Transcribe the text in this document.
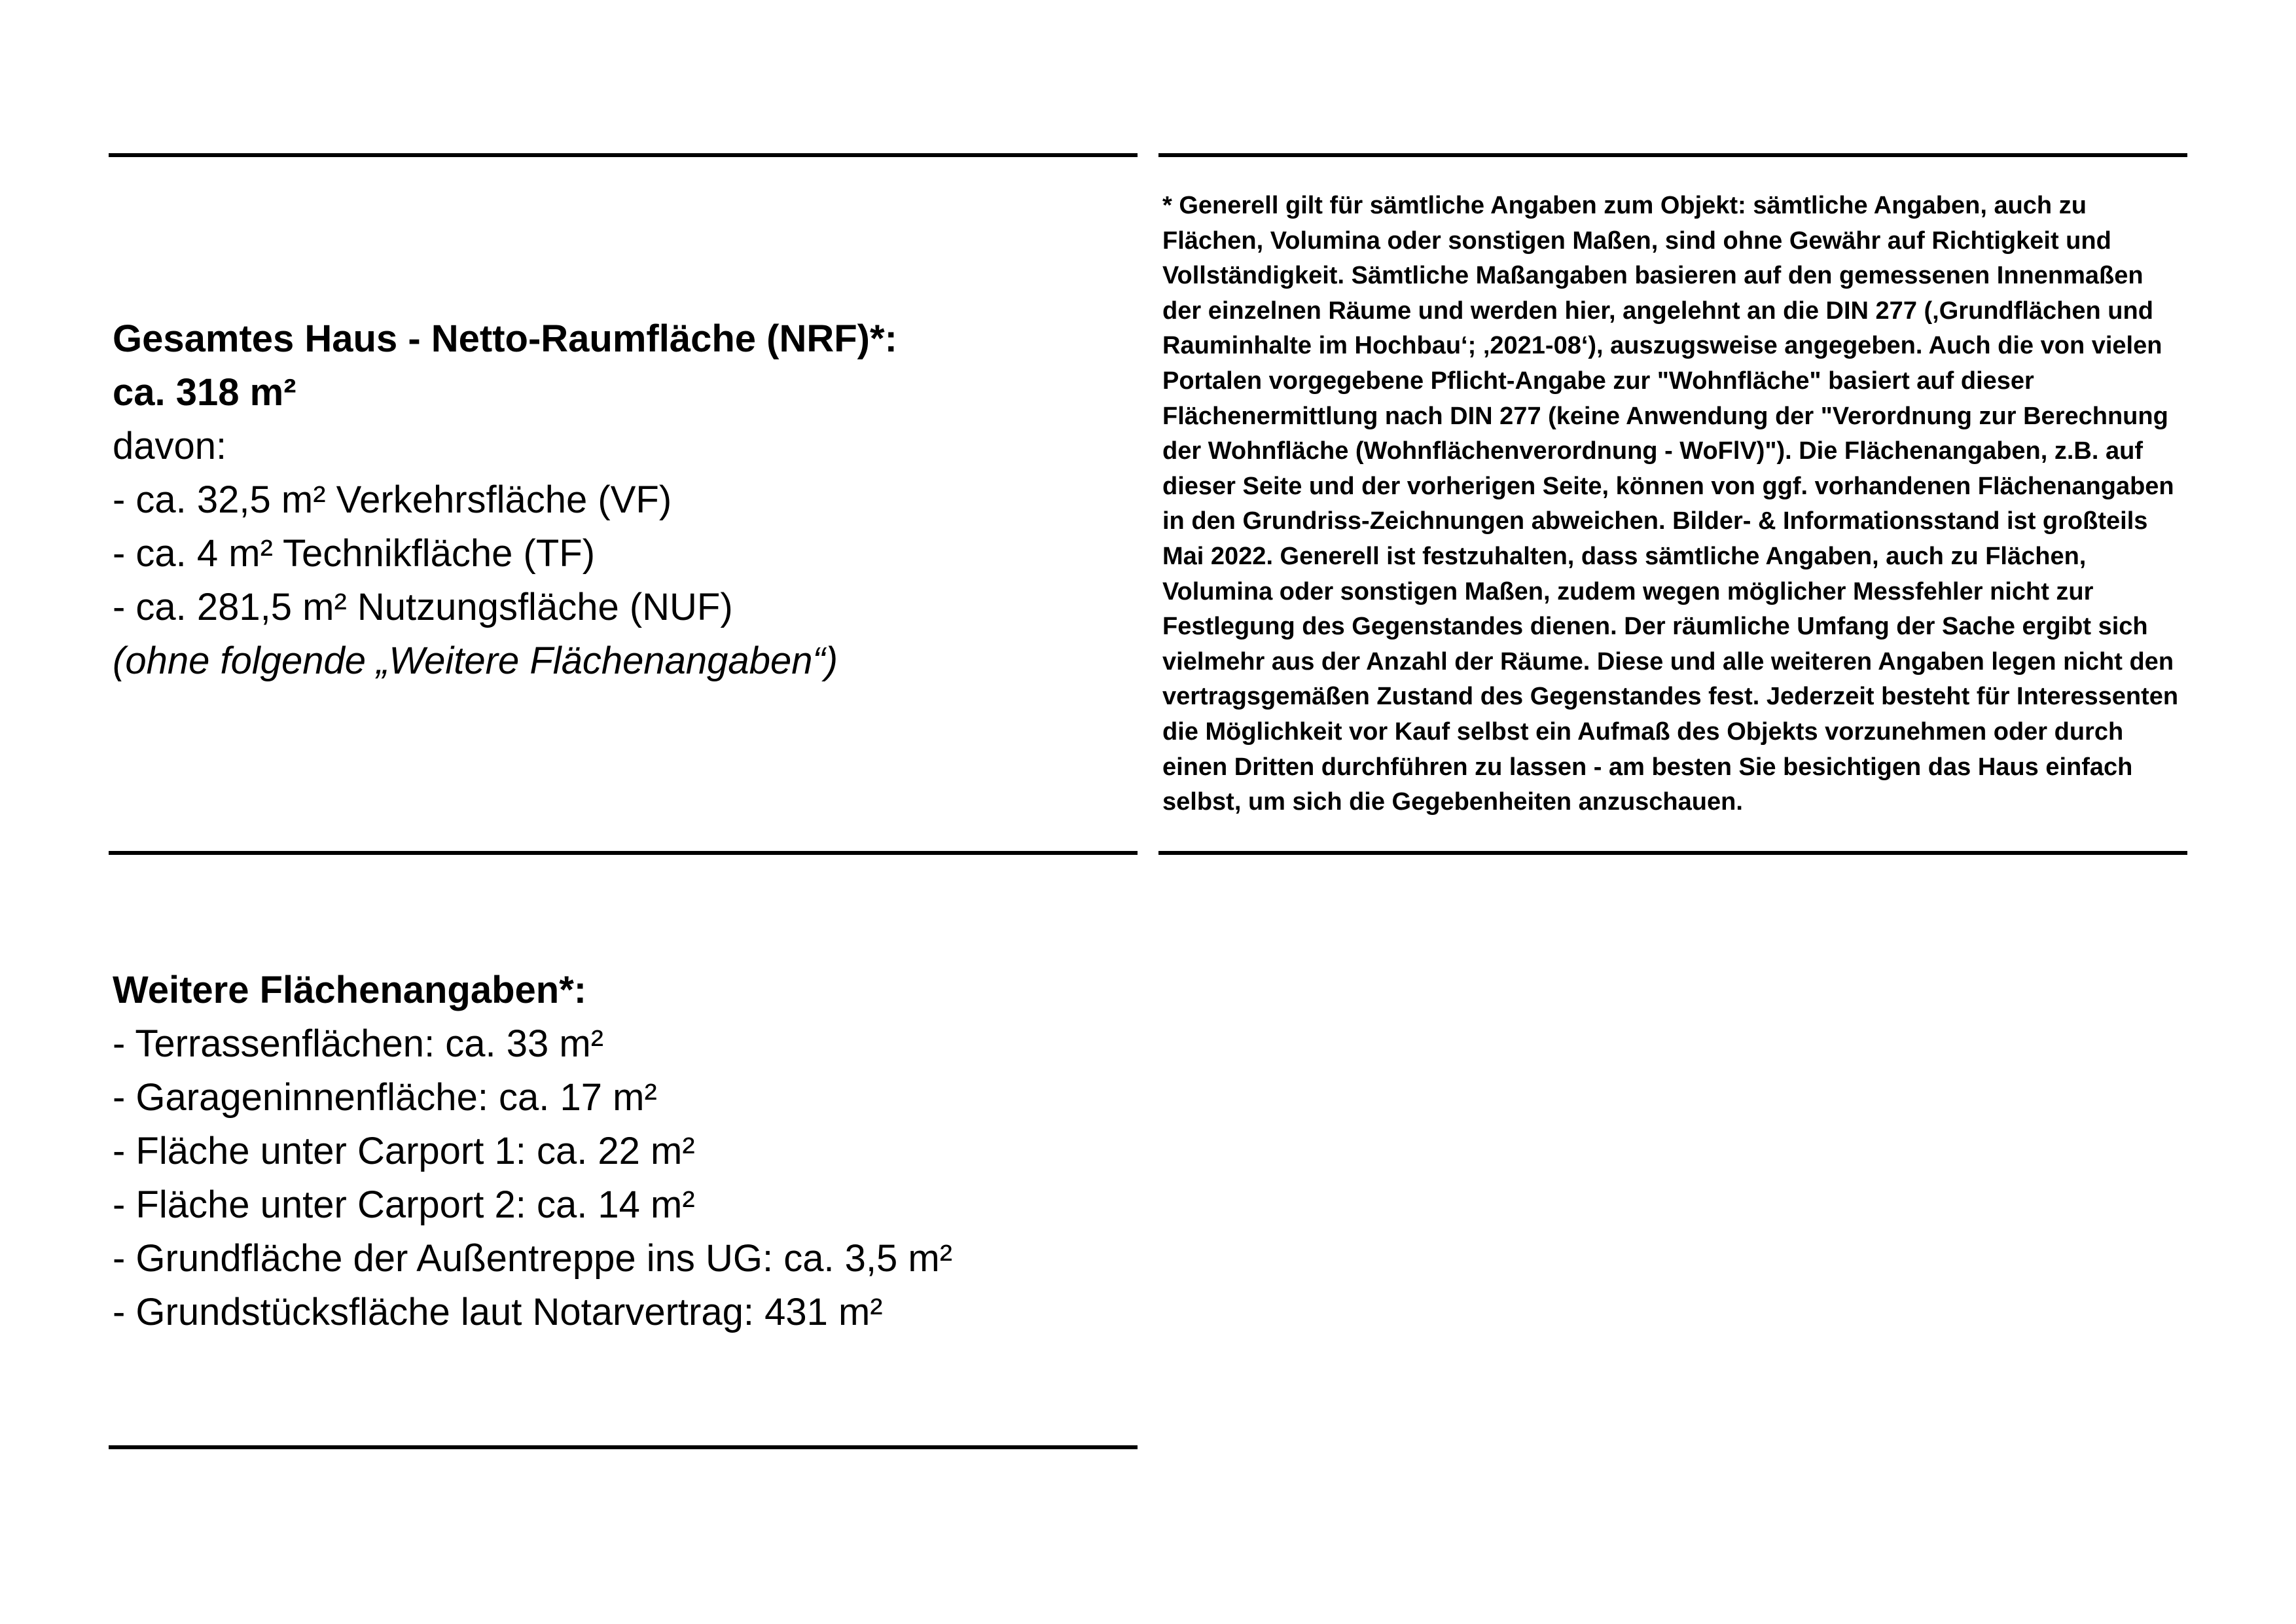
Gesamtes Haus - Netto-Raumfläche (NRF)*:

ca. 318 m²

davon:

- ca. 32,5 m² Verkehrsfläche (VF)

- ca. 4 m² Technikfläche (TF)

- ca. 281,5 m² Nutzungsfläche (NUF)

(ohne folgende „Weitere Flächenangaben“)

Weitere Flächenangaben*:

- Terrassenflächen: ca. 33 m²

- Garageninnenfläche: ca. 17 m²

- Fläche unter Carport 1: ca. 22 m²

- Fläche unter Carport 2: ca. 14 m²

- Grundfläche der Außentreppe ins UG: ca. 3,5 m²

- Grundstücksfläche laut Notarvertrag: 431 m²

* Generell gilt für sämtliche Angaben zum Objekt: sämtliche Angaben, auch zu
Flächen, Volumina oder sonstigen Maßen, sind ohne Gewähr auf Richtigkeit und
Vollständigkeit. Sämtliche Maßangaben basieren auf den gemessenen Innenmaßen
der einzelnen Räume und werden hier, angelehnt an die DIN 277 (‚Grundflächen und
Rauminhalte im Hochbau‘; ‚2021-08‘), auszugsweise angegeben. Auch die von vielen
Portalen vorgegebene Pflicht-Angabe zur "Wohnfläche" basiert auf dieser
Flächenermittlung nach DIN 277 (keine Anwendung der "Verordnung zur Berechnung
der Wohnfläche (Wohnflächenverordnung - WoFlV)"). Die Flächenangaben, z.B. auf
dieser Seite und der vorherigen Seite, können von ggf. vorhandenen Flächenangaben
in den Grundriss-Zeichnungen abweichen. Bilder- & Informationsstand ist großteils
Mai 2022. Generell ist festzuhalten, dass sämtliche Angaben, auch zu Flächen,
Volumina oder sonstigen Maßen, zudem wegen möglicher Messfehler nicht zur
Festlegung des Gegenstandes dienen. Der räumliche Umfang der Sache ergibt sich
vielmehr aus der Anzahl der Räume. Diese und alle weiteren Angaben legen nicht den
vertragsgemäßen Zustand des Gegenstandes fest. Jederzeit besteht für Interessenten
die Möglichkeit vor Kauf selbst ein Aufmaß des Objekts vorzunehmen oder durch
einen Dritten durchführen zu lassen - am besten Sie besichtigen das Haus einfach
selbst, um sich die Gegebenheiten anzuschauen.
